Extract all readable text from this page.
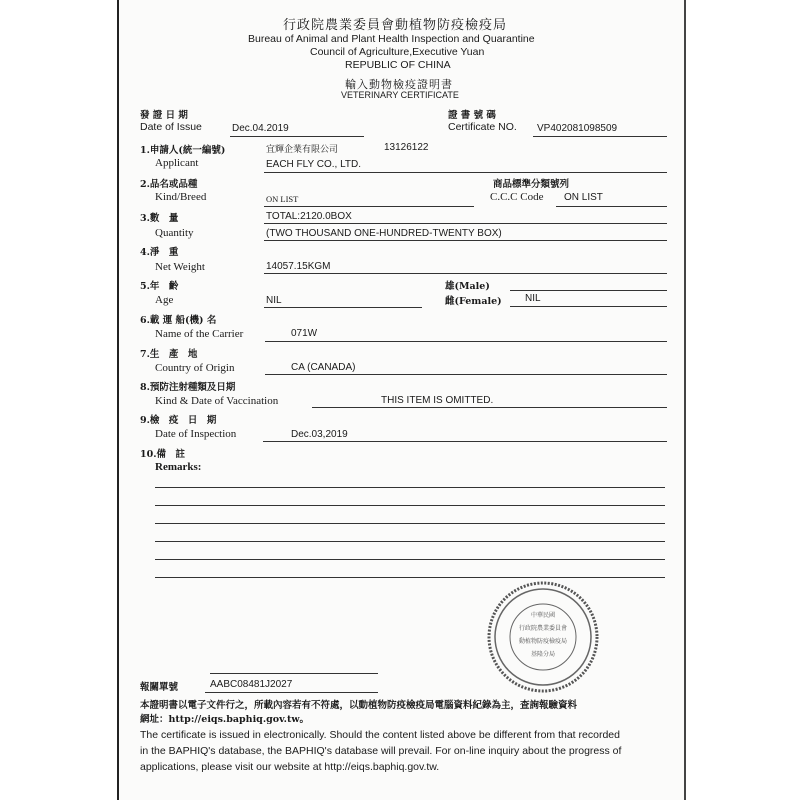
行政院農業委員會動植物防疫檢疫局
Bureau of Animal and Plant Health Inspection and Quarantine
Council of Agriculture,Executive Yuan
REPUBLIC OF CHINA
輸入動物檢疫證明書
VETERINARY CERTIFICATE
發 證 日 期
Date of Issue	Dec.04.2019
證 書 號 碼
Certificate NO. VP402081098509
1.申請人(統一編號)
Applicant
宜輝企業有限公司	13126122
EACH FLY CO., LTD.
2.品名或品種
Kind/Breed	ON LIST
商品標準分類號列
C.C.C Code ON LIST
3.數　量
Quantity
TOTAL:2120.0BOX
(TWO THOUSAND ONE-HUNDRED-TWENTY BOX)
4.淨　重
Net Weight	14057.15KGM
5.年　齡
Age	NIL
雄(Male)
雌(Female) NIL
6.載 運 船(機) 名
Name of the Carrier	071W
7.生　產　地
Country of Origin	CA (CANADA)
8.預防注射種類及日期
Kind & Date of Vaccination	THIS ITEM IS OMITTED.
9.檢　疫　日　期
Date of Inspection	Dec.03,2019
10.備　註
Remarks:
中華民國
行政院農業委員會
動植物防疫檢疫局
基隆分局
報關單號	AABC08481J2027
本證明書以電子文件行之，所載內容若有不符處，以動植物防疫檢疫局電腦資料紀錄為主，查詢報驗資料
網址：http://eiqs.baphiq.gov.tw。
The certificate is issued in electronically. Should the content listed above be different from that recorded
in the BAPHIQ's database, the BAPHIQ's database will prevail. For on-line inquiry about the progress of
applications, please visit our website at http://eiqs.baphiq.gov.tw.
